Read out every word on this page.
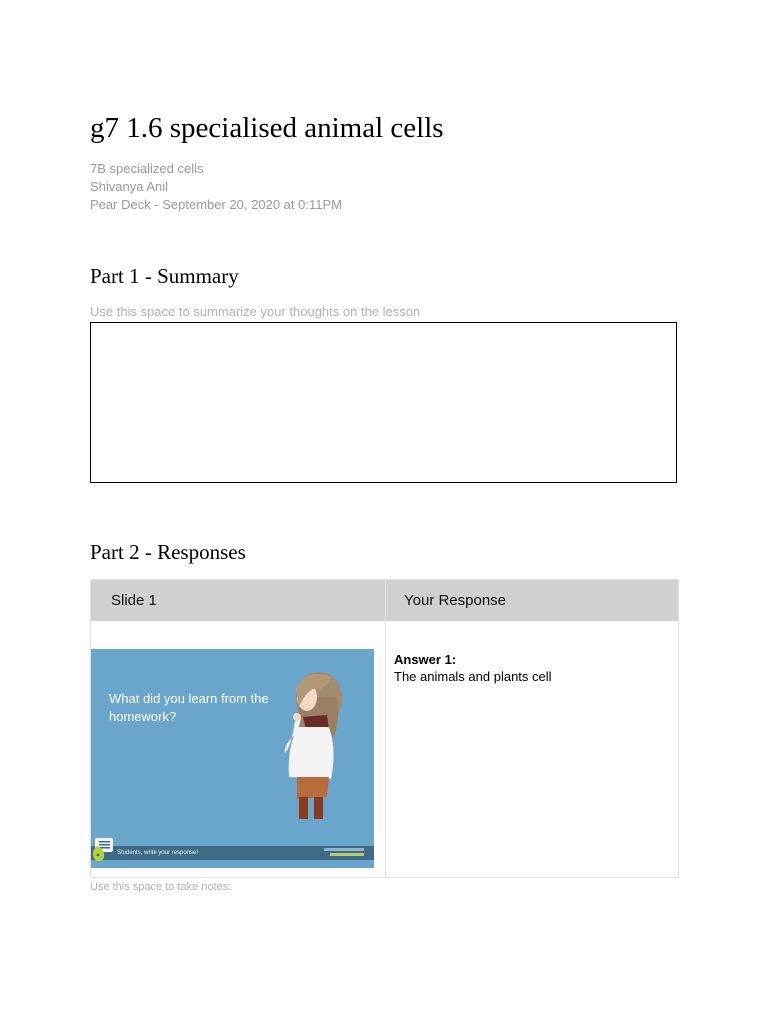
g7 1.6 specialised animal cells
7B specialized cells
Shivanya Anil
Pear Deck - September 20, 2020 at 0:11PM
Part 1 - Summary
Use this space to summarize your thoughts on the lesson
Part 2 - Responses
Slide 1	Your Response
What did you learn from the homework?
Students, write your response!
Answer 1:
The animals and plants cell
Use this space to take notes:
